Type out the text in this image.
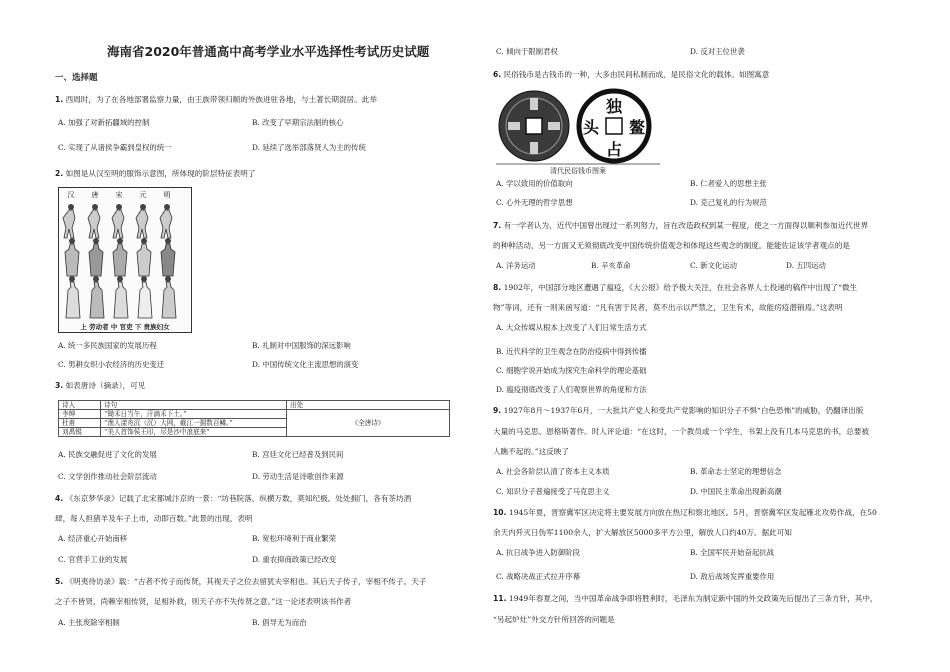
海南省2020年普通高中高考学业水平选择性考试历史试题
一、选择题
1. 西周时，为了在各地部署监察力量，由王族带领归顺的外族进驻各地，与土著长期混居。此举
A. 加强了对新拓疆域的控制	B. 改变了早期宗法制的核心
C. 实现了从诸侯争霸到皇权的统一	D. 延续了选举部落贤人为主的传统
2. 如图是从汉至明的服饰示意图，所体现的阶层特征表明了
汉 唐 宋 元 明
上 劳动者 中 官吏 下 贵族妇女
A. 统一多民族国家的发展历程	B. 礼制对中国服饰的深远影响
C. 男耕女织小农经济的历史变迁	D. 中国传统文化主流思想的演变
3. 如表唐诗（摘录），可见
诗人	诗句	出处
李绅	“锄禾日当午，汗滴禾下土。”	《全唐诗》
杜甫	“渔人漾舟沉（沉）大网，截江一拥数百鳞。”	
刘禹锡	“美人首饰侯王印，尽是沙中浪底来”	
A. 民族交融促进了文化的发展	B. 宫廷文化已经普及到民间
C. 文学创作推动社会阶层流动	D. 劳动生活是诗歌创作来源
4. 《东京梦华录》记载了北宋都城汴京的一景：“坊巷院落，纵横万数，莫知纪极。处处拥门，各有茶坊酒
肆，每人担猪羊及车子上市，动即百数。”此景的出现，表明
A. 经济重心开始南移	B. 宽松环境利于商业繁荣
C. 官营手工业的发展	D. 重农抑商政策已经改变
5. 《明夷待访录》载：“古者不传子而传贤，其视天子之位去留犹夫宰相也。其后天子传子，宰相不传子。天子
之子不皆贤，尚赖宰相传贤，足相补救，则天子亦不失传贤之意。”这一论述表明该书作者
A. 主张废除宰相制	B. 倡导无为而治
C. 倾向于限制君权	D. 反对王位世袭
6. 民俗钱币是古钱币的一种，大多由民间私制而成，是民俗文化的载体。如图寓意
独
鳌
占
头
清代民俗钱币图案
A. 学以致用的价值取向	B. 仁者爱人的思想主张
C. 心外无理的哲学思想	D. 克己复礼的行为规范
7. 有一学者认为，近代中国曾出现过一系列努力，旨在改造政权到某一程度，使之一方面得以顺利参加近代世界
的种种活动，另一方面又无须彻底改变中国传统价值观念和体现这些观念的制度。能能佐证该学者观点的是
A. 洋务运动	B. 辛亥革命	C. 新文化运动	D. 五四运动
8. 1902年，中国部分地区遭遇了瘟疫，《大公报》给予极大关注，在社会各界人士投递的稿件中出现了“微生
物”等词，还有一则来函写道：“凡有害于民者，莫不出示以严禁之，卫生有术，故能疠疫潜销焉。”这表明
A. 大众传媒从根本上改变了人们日常生活方式
B. 近代科学的卫生观念在防治疫病中得到传播
C. 细胞学说开始成为探究生命科学的理论基础
D. 瘟疫彻底改变了人们观察世界的角度和方法
9. 1927年8月～1937年6月，一大批共产党人和受共产党影响的知识分子不惧“白色恐怖”的威胁，仍翻译出版
大量的马克思、恩格斯著作。时人评论道：“在这时，一个教员或一个学生，书架上没有几本马克思的书，总要被
人瞧不起的。”这反映了
A. 社会各阶层认清了资本主义本质	B. 革命志士坚定的理想信念
C. 知识分子普遍接受了马克思主义	D. 中国民主革命出现新高潮
10. 1945年夏，晋察冀军区决定将主要发展方向放在热辽和察北地区。5月，晋察冀军区发起雁北攻势作战，在50
余天内歼灭日伪军1100余人，扩大解放区5000多平方公里，解放人口约40万。据此可知
A. 抗日战争进入防御阶段	B. 全国军民开始奋起抗战
C. 战略决战正式拉开序幕	D. 敌后战场发挥重要作用
11. 1949年春夏之间，当中国革命战争即将胜利时，毛泽东为制定新中国的外交政策先后提出了三条方针，其中，
“另起炉灶”外交方针所回答的问题是
